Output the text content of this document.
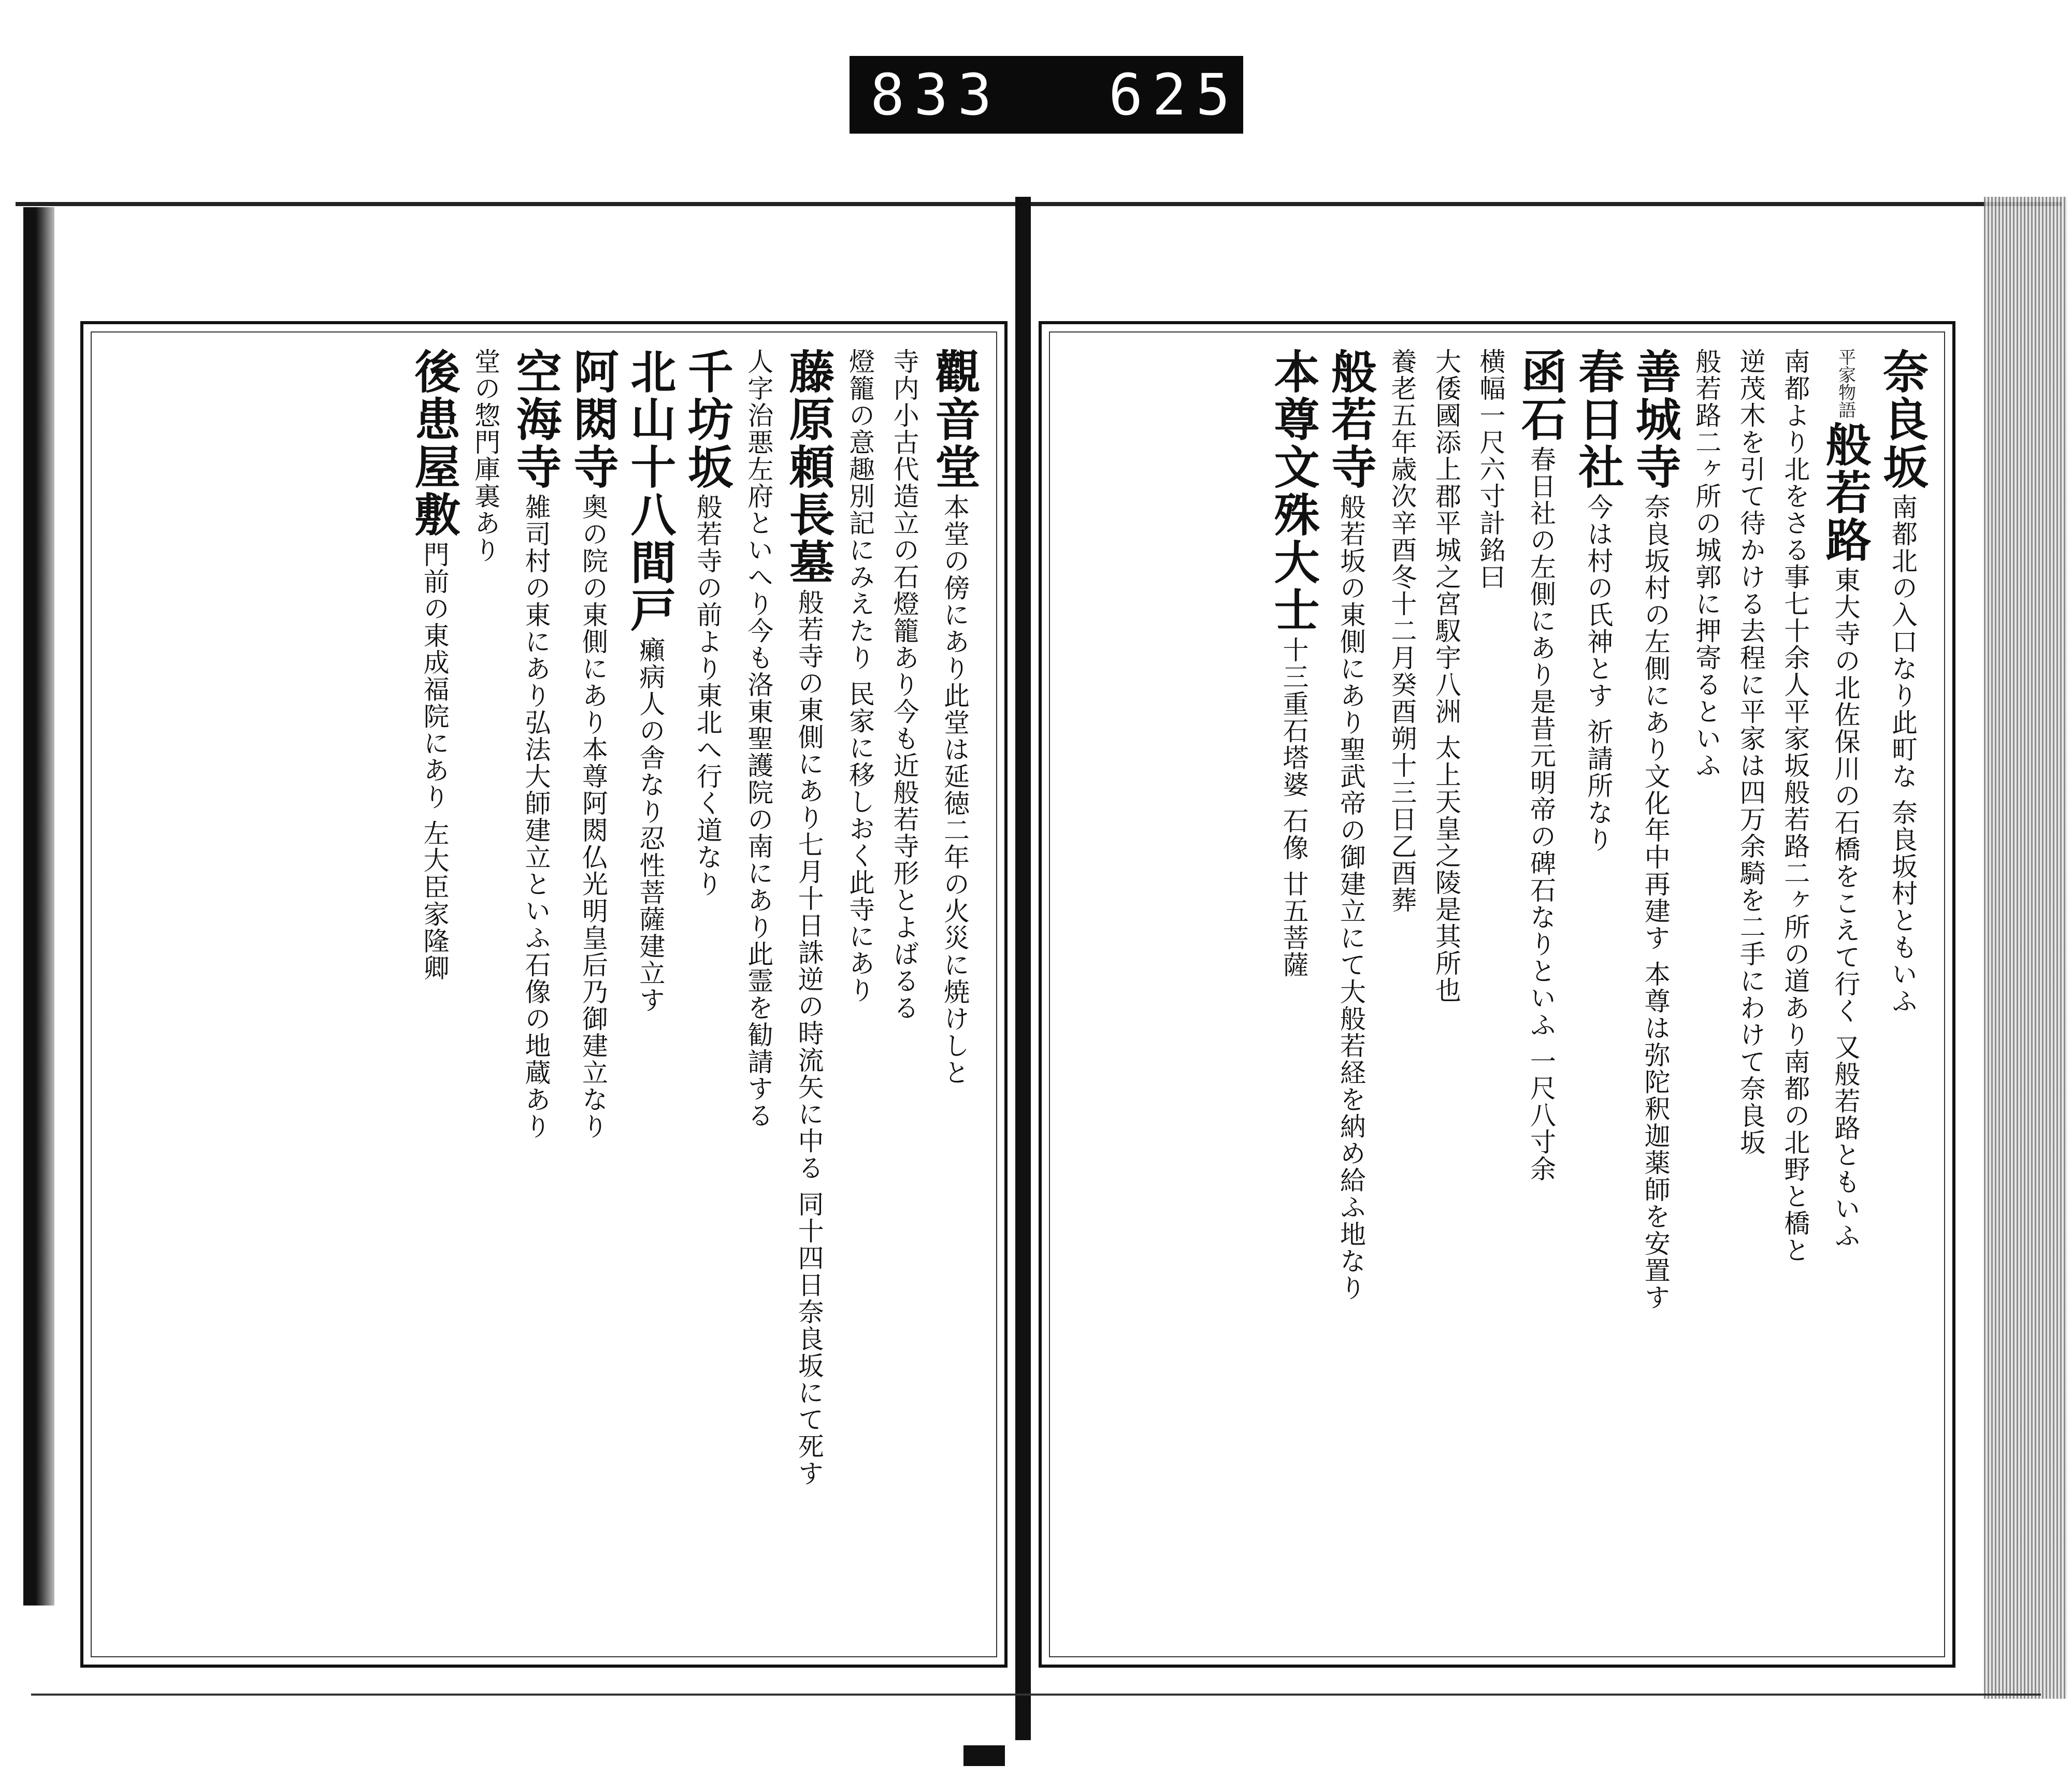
833 625
觀音堂 本堂の傍にあり此堂は延徳二年の火災に焼けしと
寺内小古代造立の石燈籠あり今も近般若寺形とよばるる
燈籠の意趣別記にみえたり 民家に移しおく此寺にあり
藤原頼長墓 般若寺の東側にあり七月十日誅逆の時流矢に中る 同十四日奈良坂にて死す
人字治悪左府といへり今も洛東聖護院の南にあり此霊を勧請する
千坊坂 般若寺の前より東北へ行く道なり
北山十八間戸 癩病人の舎なり忍性菩薩建立す
阿閦寺 奥の院の東側にあり本尊阿閦仏光明皇后乃御建立なり
空海寺 雑司村の東にあり弘法大師建立といふ石像の地蔵あり
堂の惣門庫裏あり
後患屋敷 門前の東成福院にあり 左大臣家隆卿
奈良坂 南都北の入口なり此町な 奈良坂村ともいふ
平家物語 般若路 東大寺の北佐保川の石橋をこえて行く 又般若路ともいふ
南都より北をさる事七十余人平家坂般若路二ヶ所の道あり南都の北野と橋と
逆茂木を引て待かける去程に平家は四万余騎を二手にわけて奈良坂
般若路二ヶ所の城郭に押寄るといふ
善城寺 奈良坂村の左側にあり文化年中再建す 本尊は弥陀釈迦薬師を安置す
春日社 今は村の氏神とす 祈請所なり
函石 春日社の左側にあり是昔元明帝の碑石なりといふ 一尺八寸余
横幅一尺六寸計銘曰
大倭國添上郡平城之宮馭宇八洲 太上天皇之陵是其所也
養老五年歳次辛酉冬十二月癸酉朔十三日乙酉葬
般若寺 般若坂の東側にあり聖武帝の御建立にて大般若経を納め給ふ地なり
本尊文殊大士 十三重石塔婆 石像 廿五菩薩
